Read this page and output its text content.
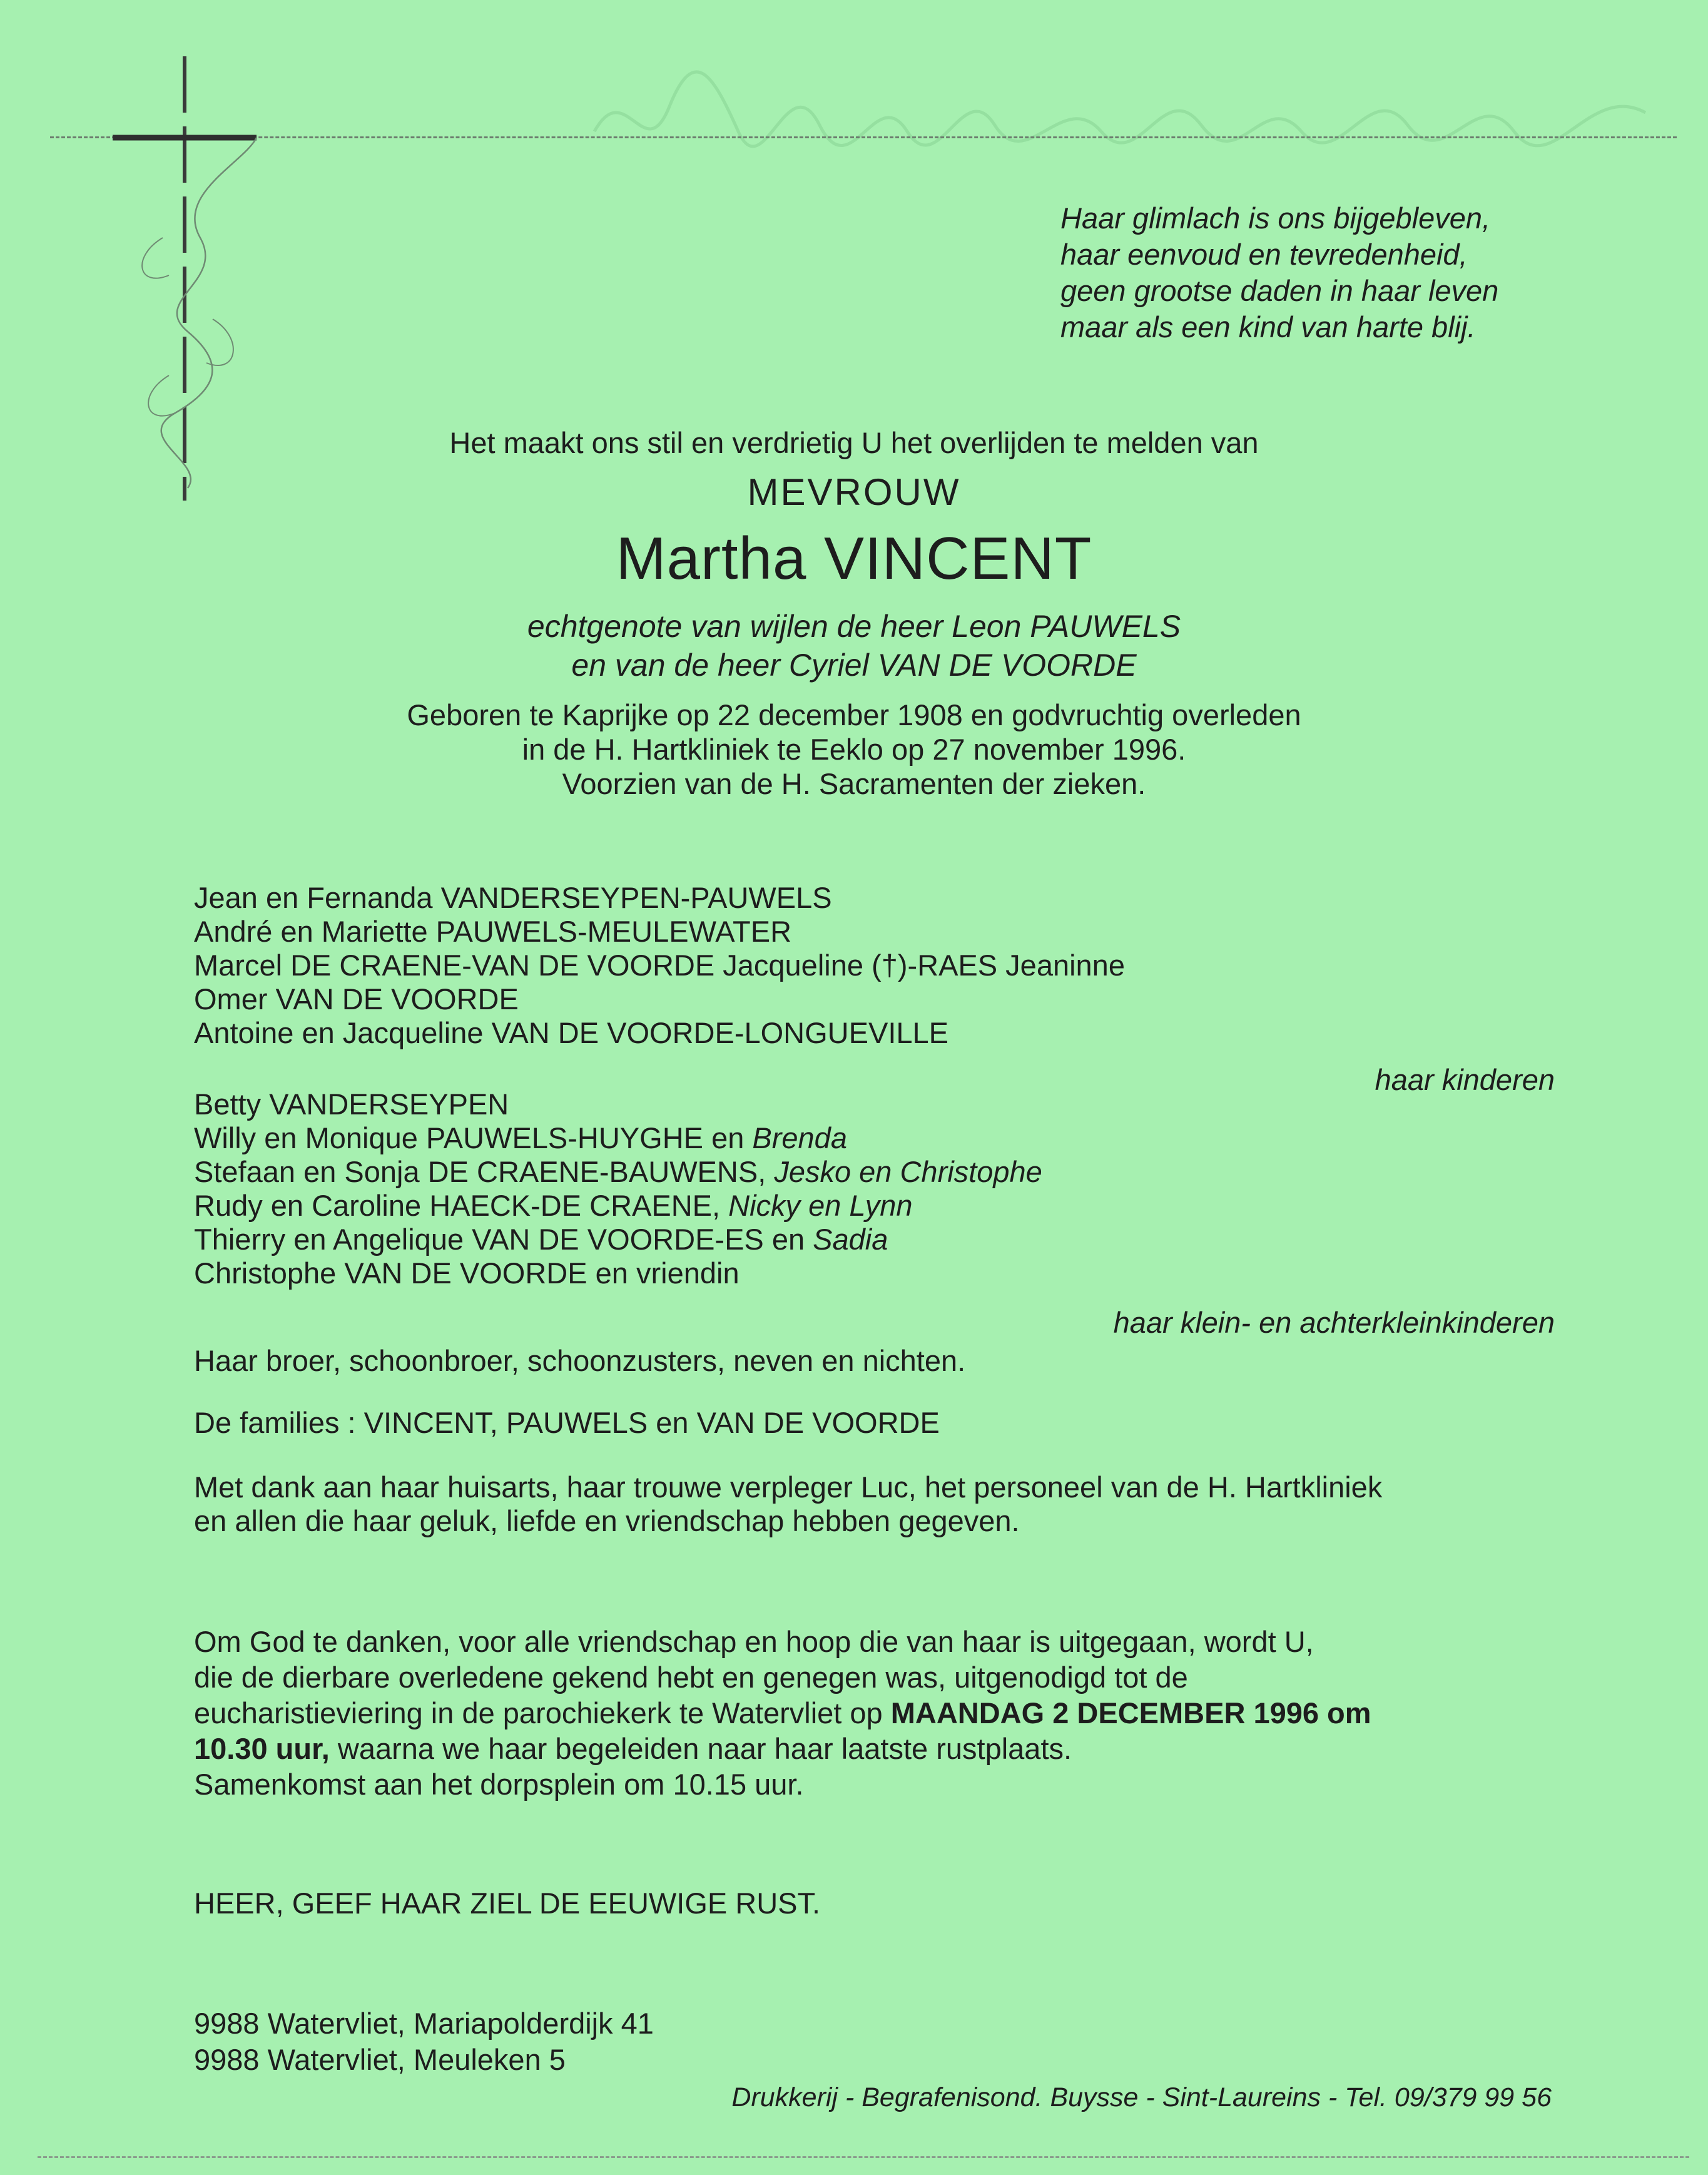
Haar glimlach is ons bijgebleven,
haar eenvoud en tevredenheid,
geen grootse daden in haar leven
maar als een kind van harte blij.
Het maakt ons stil en verdrietig U het overlijden te melden van
MEVROUW
Martha VINCENT
echtgenote van wijlen de heer Leon PAUWELS
en van de heer Cyriel VAN DE VOORDE
Geboren te Kaprijke op 22 december 1908 en godvruchtig overleden
in de H. Hartkliniek te Eeklo op 27 november 1996.
Voorzien van de H. Sacramenten der zieken.
Jean en Fernanda VANDERSEYPEN-PAUWELS
André en Mariette PAUWELS-MEULEWATER
Marcel DE CRAENE-VAN DE VOORDE Jacqueline (†)-RAES Jeaninne
Omer VAN DE VOORDE
Antoine en Jacqueline VAN DE VOORDE-LONGUEVILLE
haar kinderen
Betty VANDERSEYPEN
Willy en Monique PAUWELS-HUYGHE en Brenda
Stefaan en Sonja DE CRAENE-BAUWENS, Jesko en Christophe
Rudy en Caroline HAECK-DE CRAENE, Nicky en Lynn
Thierry en Angelique VAN DE VOORDE-ES en Sadia
Christophe VAN DE VOORDE en vriendin
haar klein- en achterkleinkinderen
Haar broer, schoonbroer, schoonzusters, neven en nichten.
De families : VINCENT, PAUWELS en VAN DE VOORDE
Met dank aan haar huisarts, haar trouwe verpleger Luc, het personeel van de H. Hartkliniek
en allen die haar geluk, liefde en vriendschap hebben gegeven.
Om God te danken, voor alle vriendschap en hoop die van haar is uitgegaan, wordt U,
die de dierbare overledene gekend hebt en genegen was, uitgenodigd tot de
eucharistieviering in de parochiekerk te Watervliet op MAANDAG 2 DECEMBER 1996 om
10.30 uur, waarna we haar begeleiden naar haar laatste rustplaats.
Samenkomst aan het dorpsplein om 10.15 uur.
HEER, GEEF HAAR ZIEL DE EEUWIGE RUST.
9988 Watervliet, Mariapolderdijk 41
9988 Watervliet, Meuleken 5
Drukkerij - Begrafenisond. Buysse - Sint-Laureins - Tel. 09/379 99 56
